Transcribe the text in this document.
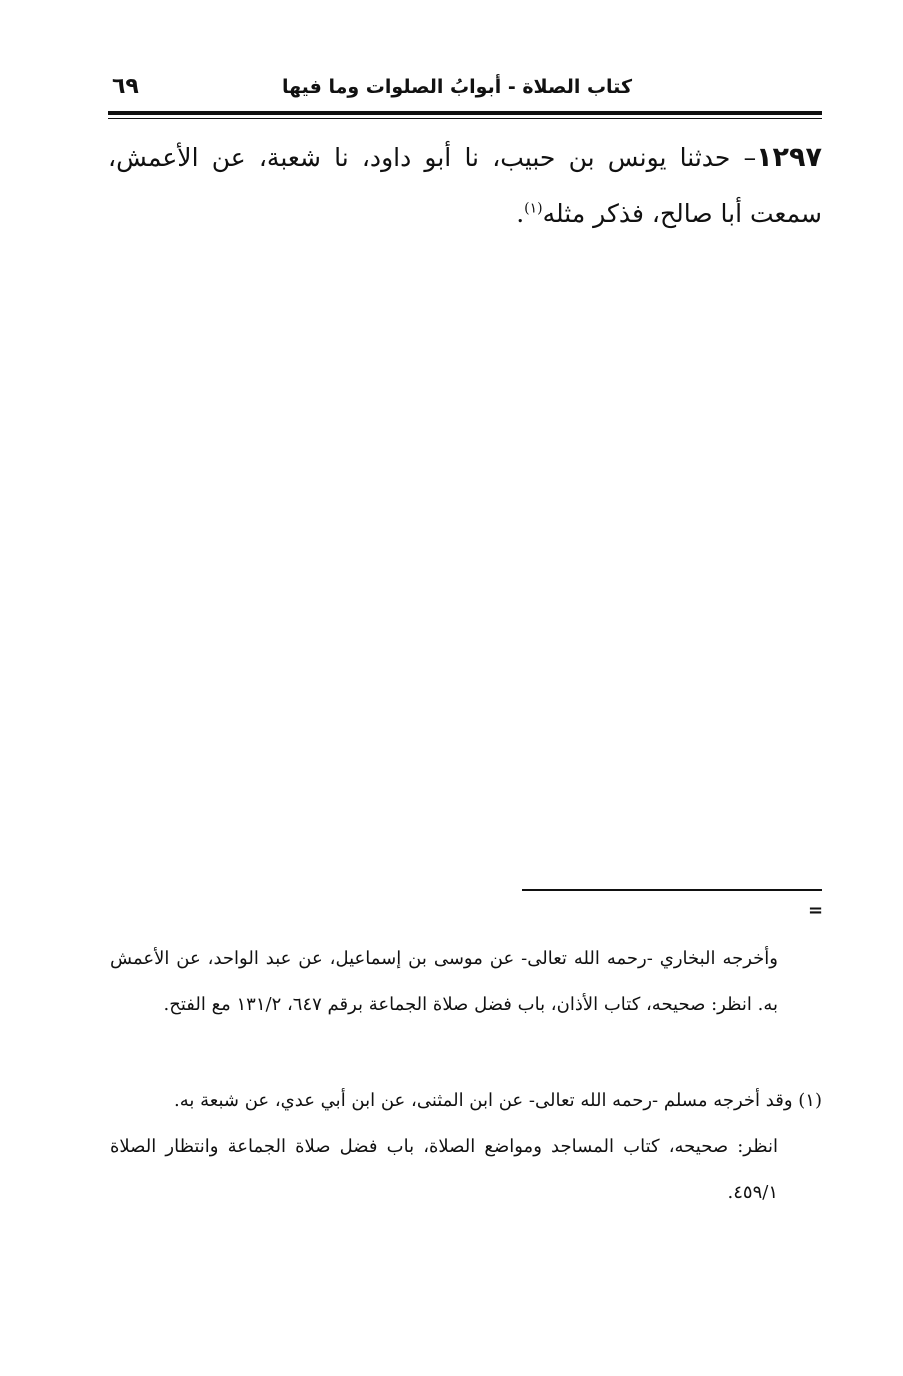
كتاب الصلاة - أبوابُ الصلوات وما فيها
٦٩
١٢٩٧– حدثنا يونس بن حبيب، نا أبو داود، نا شعبة، عن الأعمش، سمعت أبا صالح، فذكر مثله$^{(١)}$.
=
وأخرجه البخاري -رحمه الله تعالى- عن موسى بن إسماعيل، عن عبد الواحد، عن الأعمش به. انظر: صحيحه، كتاب الأذان، باب فضل صلاة الجماعة برقم ٦٤٧، ١٣١/٢ مع الفتح.
(١) وقد أخرجه مسلم -رحمه الله تعالى- عن ابن المثنى، عن ابن أبي عدي، عن شبعة به.
انظر: صحيحه، كتاب المساجد ومواضع الصلاة، باب فضل صلاة الجماعة وانتظار الصلاة ٤٥٩/١.
